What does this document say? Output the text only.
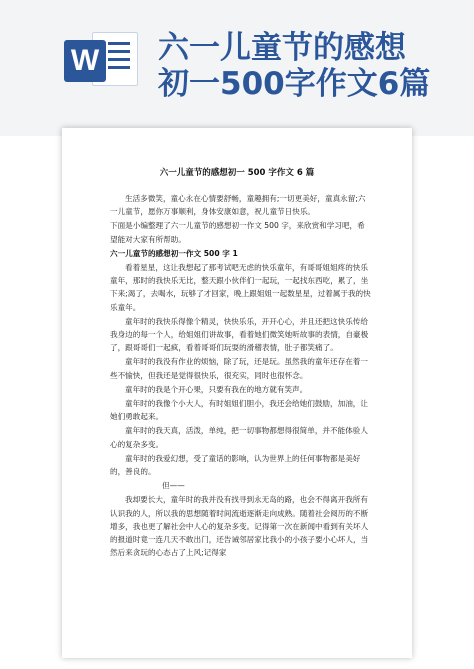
W 六一儿童节的感想
初一500字作文6篇
六一儿童节的感想初一 500 字作文 6 篇

生活多微笑，童心永在心情要舒畅，童趣拥有;一切更美好，童真永留;六一儿童节，愿你万事顺利，身体安康如意，祝儿童节日快乐。

下面是小编整理了六一儿童节的感想初一作文 500 字，来欣赏和学习吧，希望能对大家有所帮助。

六一儿童节的感想初一作文 500 字 1

看着星星，这让我想起了那考试吧无虑的快乐童年，有哥哥姐姐疼的快乐童年，那时的我快乐无比，整天跟小伙伴们一起玩，一起找东西吃，累了，坐下来;渴了，去喝水，玩够了才回家，晚上跟姐姐一起数星星，过着属于我的快乐童年。

童年时的我快乐得像个精灵，快快乐乐，开开心心，并且还把这快乐传给我身边的每一个人，给姐姐们讲故事，看着她们微笑她听故事的表情，自豪极了，跟哥哥们一起疯，看着哥哥们玩耍的滑稽表情，肚子都笑痛了。

童年时的我没有作业的烦恼，除了玩，还是玩。虽然我的童年还存在着一些不愉快，但我还是觉得很快乐，很充实，同时也很怀念。

童年时的我是个开心果，只要有我在的地方就有笑声。

童年时的我像个小大人，有时姐姐们胆小，我还会给她们鼓励，加油，让她们勇敢起来。

童年时的我天真，活泼，单纯，把一切事物都想得很简单，并不能体验人心的复杂多变。

童年时的我爱幻想，受了童话的影响，认为世界上的任何事物都是美好的，善良的。

但——

我却要长大，童年时的我并没有找寻到永无岛的路，也会不得离开我所有认识我的人，所以我的思想随着时间流逝逐渐走向成熟。随着社会阅历的不断增多，我也更了解社会中人心的复杂多变。记得第一次在新闻中看到有关坏人的报道时竟一连几天不敢出门，还告诫邻居家比我小的小孩子要小心坏人，当然后来贪玩的心态占了上风;记得家
